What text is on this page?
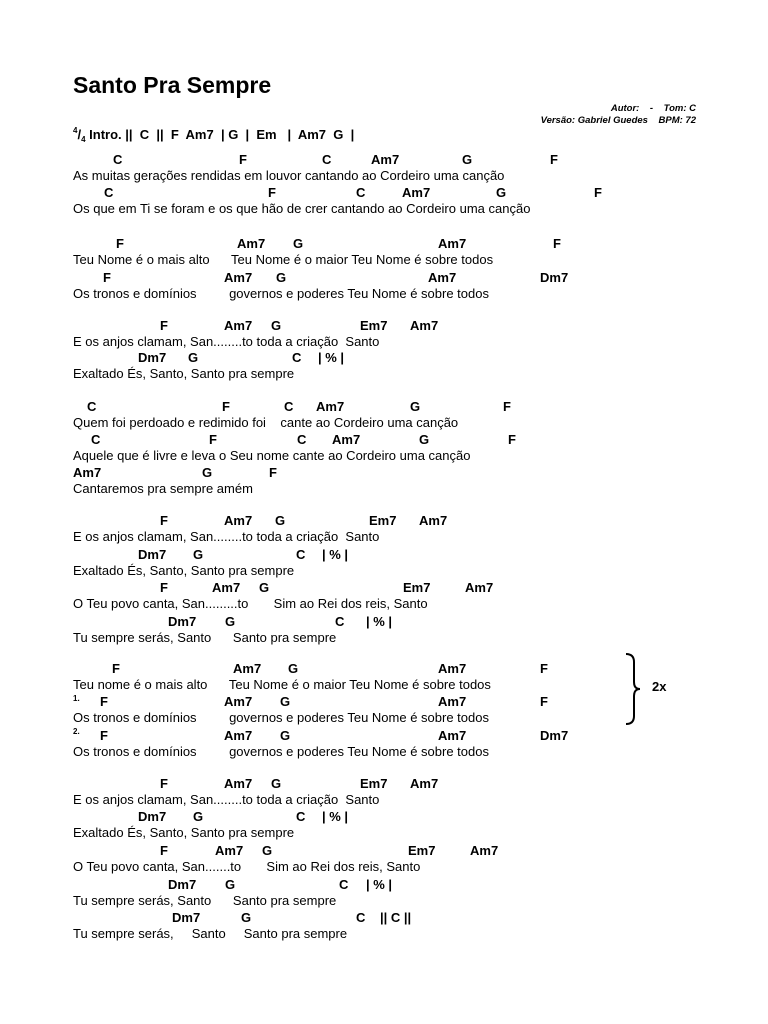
Santo Pra Sempre
Autor:    -    Tom: C
Versão: Gabriel Guedes    BPM: 72
$^4/_4$ Intro. ||  C  ||  F  Am7  | G  |  Em   |  Am7  G  |
C	F	C	Am7	G	F
As muitas gerações rendidas em louvor cantando ao Cordeiro uma canção
C	F	C	Am7	G	F
Os que em Ti se foram e os que hão de crer cantando ao Cordeiro uma canção
F	Am7 G	Am7	F
Teu Nome é o mais alto      Teu Nome é o maior Teu Nome é sobre todos
F	Am7 G	Am7	Dm7
Os tronos e domínios         governos e poderes Teu Nome é sobre todos
F	Am7 G	Em7 Am7
E os anjos clamam, San........to toda a criação  Santo
Dm7 G	C | % |
Exaltado És, Santo, Santo pra sempre
C	F	C Am7	G	F
Quem foi perdoado e redimido foi    cante ao Cordeiro uma canção
C	F	C Am7	G	F
Aquele que é livre e leva o Seu nome cante ao Cordeiro uma canção
Am7	G	F
Cantaremos pra sempre amém
F	Am7 G	Em7 Am7
E os anjos clamam, San........to toda a criação  Santo
Dm7 G	C | % |
Exaltado És, Santo, Santo pra sempre
F	Am7 G	Em7	Am7
O Teu povo canta, San.........to       Sim ao Rei dos reis, Santo
Dm7 G	C | % |
Tu sempre serás, Santo      Santo pra sempre
F	Am7 G	Am7	F
Teu nome é o mais alto      Teu Nome é o maior Teu Nome é sobre todos
F	Am7 G	Am7	F
Os tronos e domínios         governos e poderes Teu Nome é sobre todos
F	Am7 G	Am7	Dm7
Os tronos e domínios         governos e poderes Teu Nome é sobre todos
F	Am7 G	Em7 Am7
E os anjos clamam, San........to toda a criação  Santo
Dm7 G	C | % |
Exaltado És, Santo, Santo pra sempre
F	Am7 G	Em7	Am7
O Teu povo canta, San.......to       Sim ao Rei dos reis, Santo
Dm7 G	C | % |
Tu sempre serás, Santo      Santo pra sempre
Dm7	G	C || C ||
Tu sempre serás,     Santo     Santo pra sempre
1.
2.
2x
